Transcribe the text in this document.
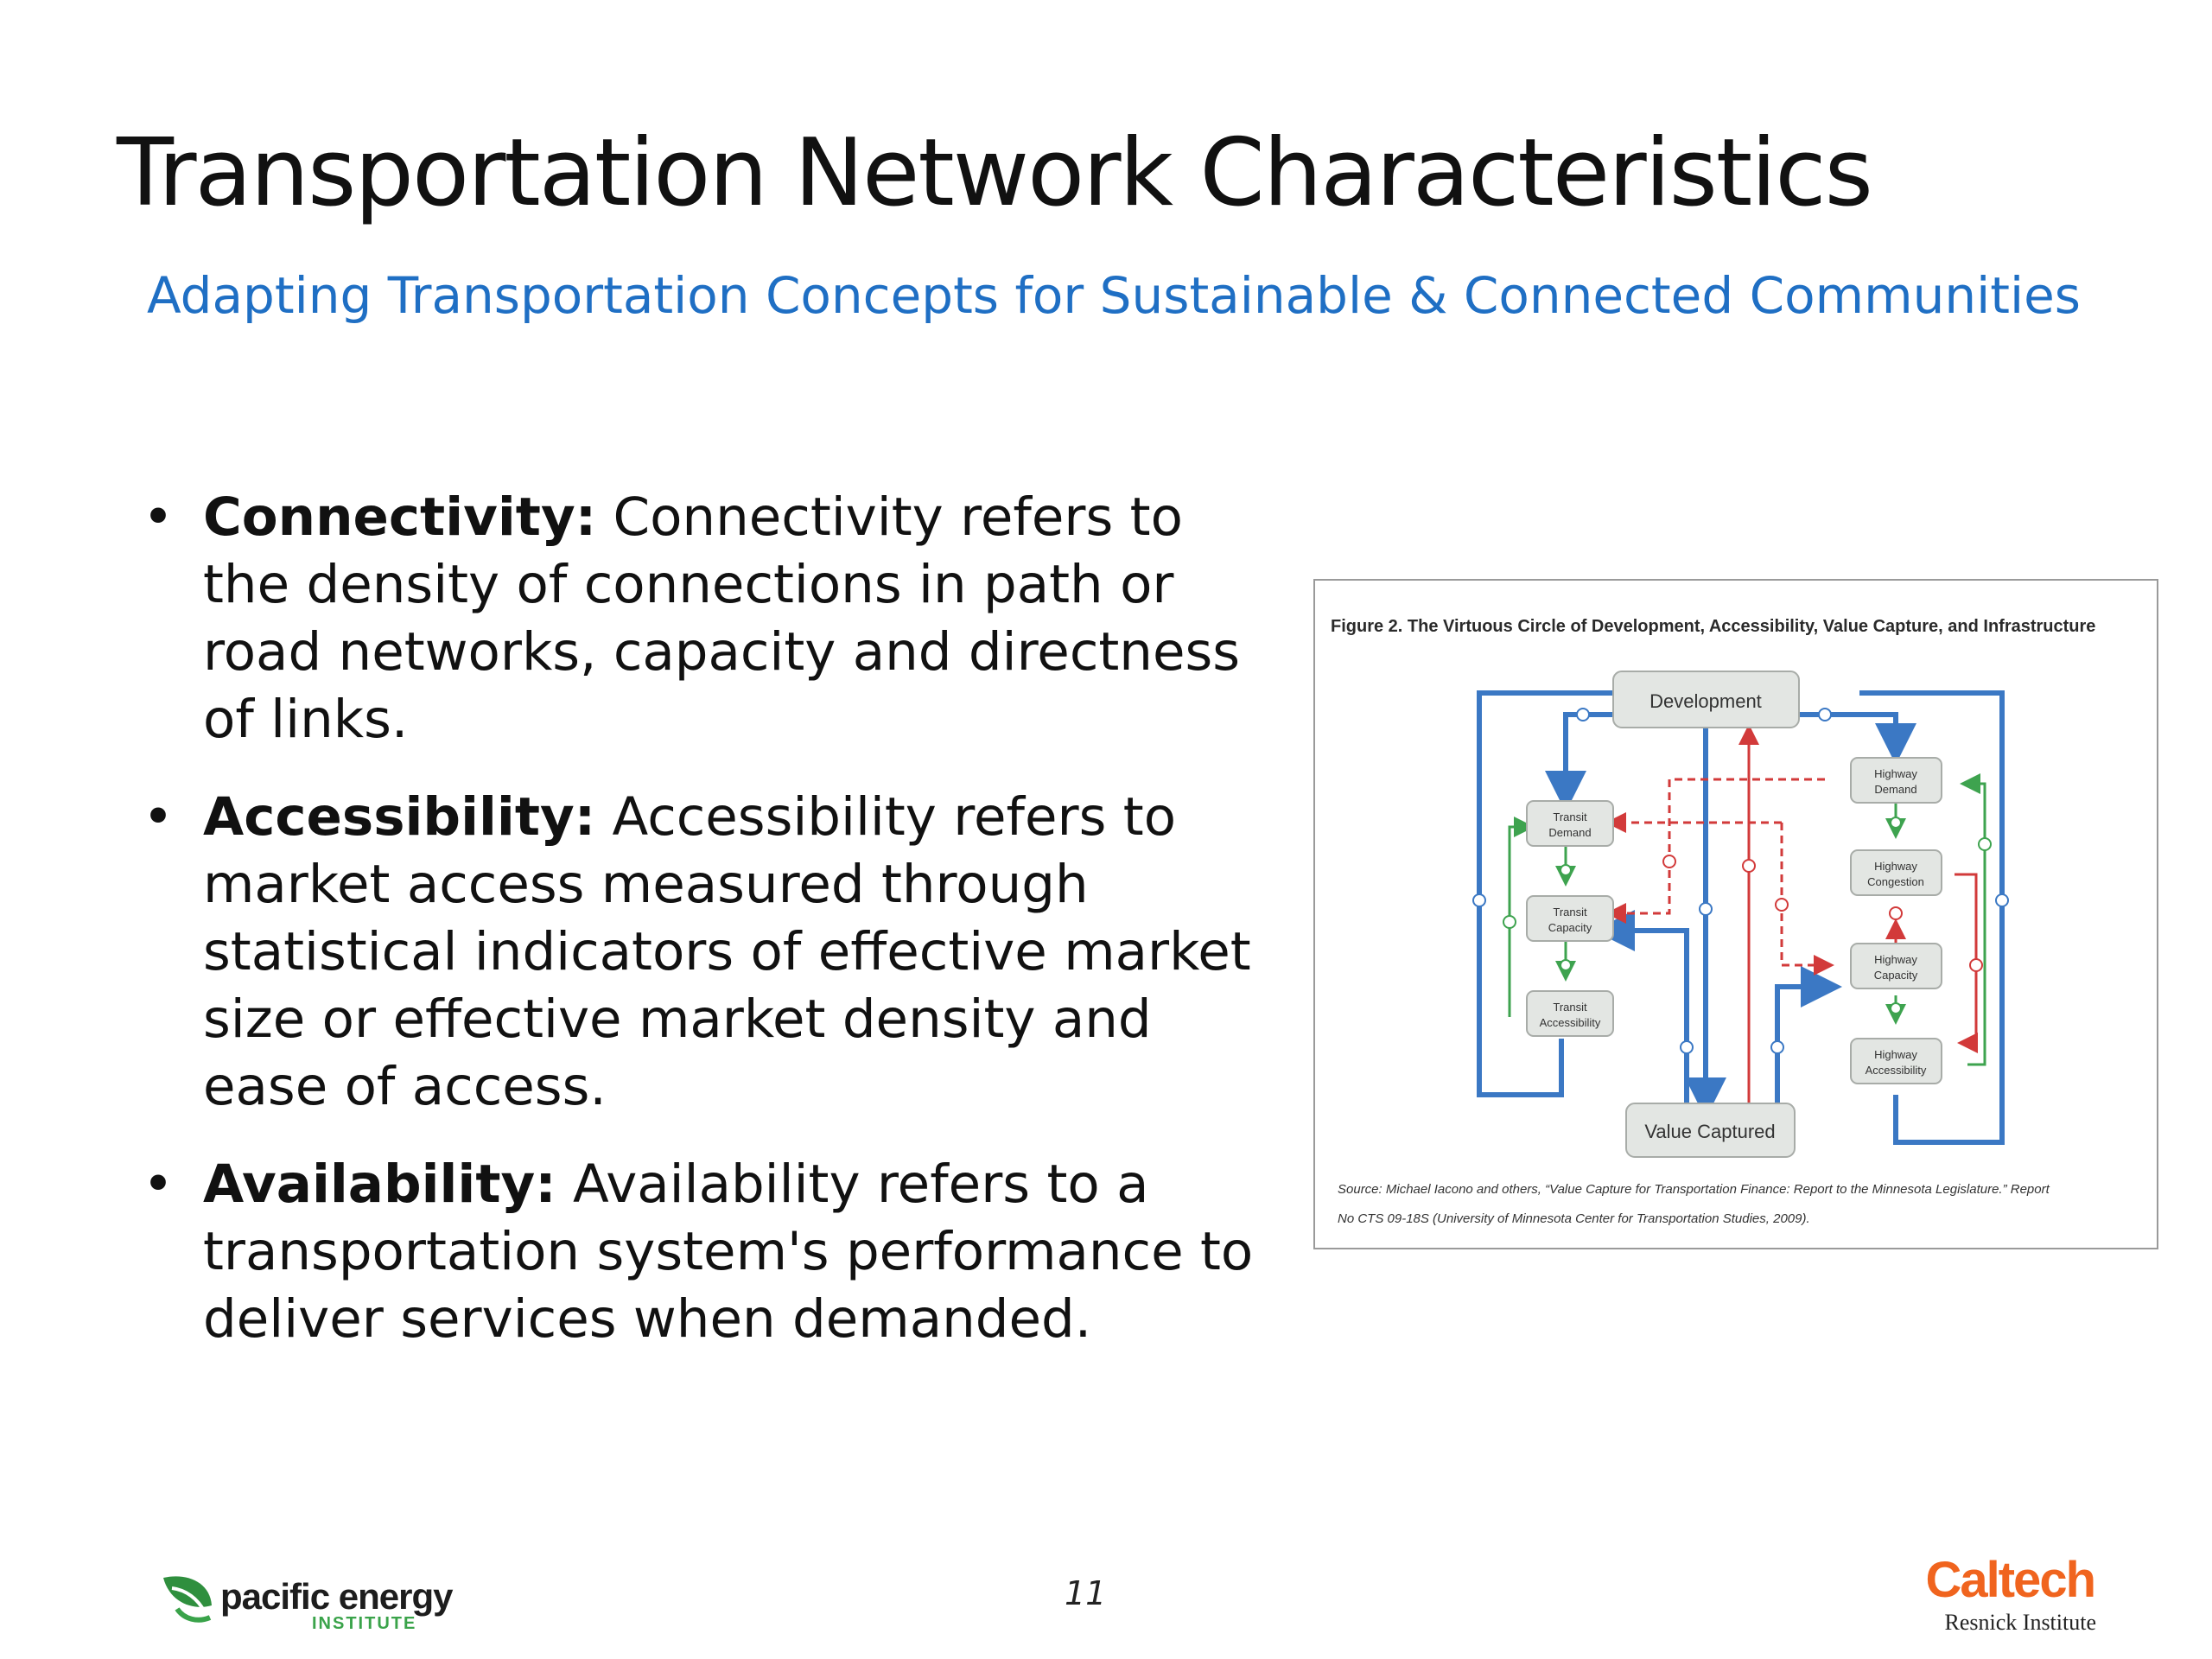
Transportation Network Characteristics
Adapting Transportation Concepts for Sustainable & Connected Communities
• Connectivity: Connectivity refers to the density of connections in path or road networks, capacity and directness of links.
• Accessibility: Accessibility refers to market access measured through statistical indicators of effective market size or effective market density and ease of access.
• Availability: Availability refers to a transportation system's performance to deliver services when demanded.
Development
Value Captured
Transit
Demand
Transit
Capacity
Transit
Accessibility
Highway
Demand
Highway
Congestion
Highway
Capacity
Highway
Accessibility
Figure 2. The Virtuous Circle of Development, Accessibility, Value Capture, and Infrastructure
Source: Michael Iacono and others, “Value Capture for Transportation Finance: Report to the Minnesota Legislature.” Report
No CTS 09-18S (University of Minnesota Center for Transportation Studies, 2009).
pacific energy
INSTITUTE
11	Caltech
Resnick Institute
